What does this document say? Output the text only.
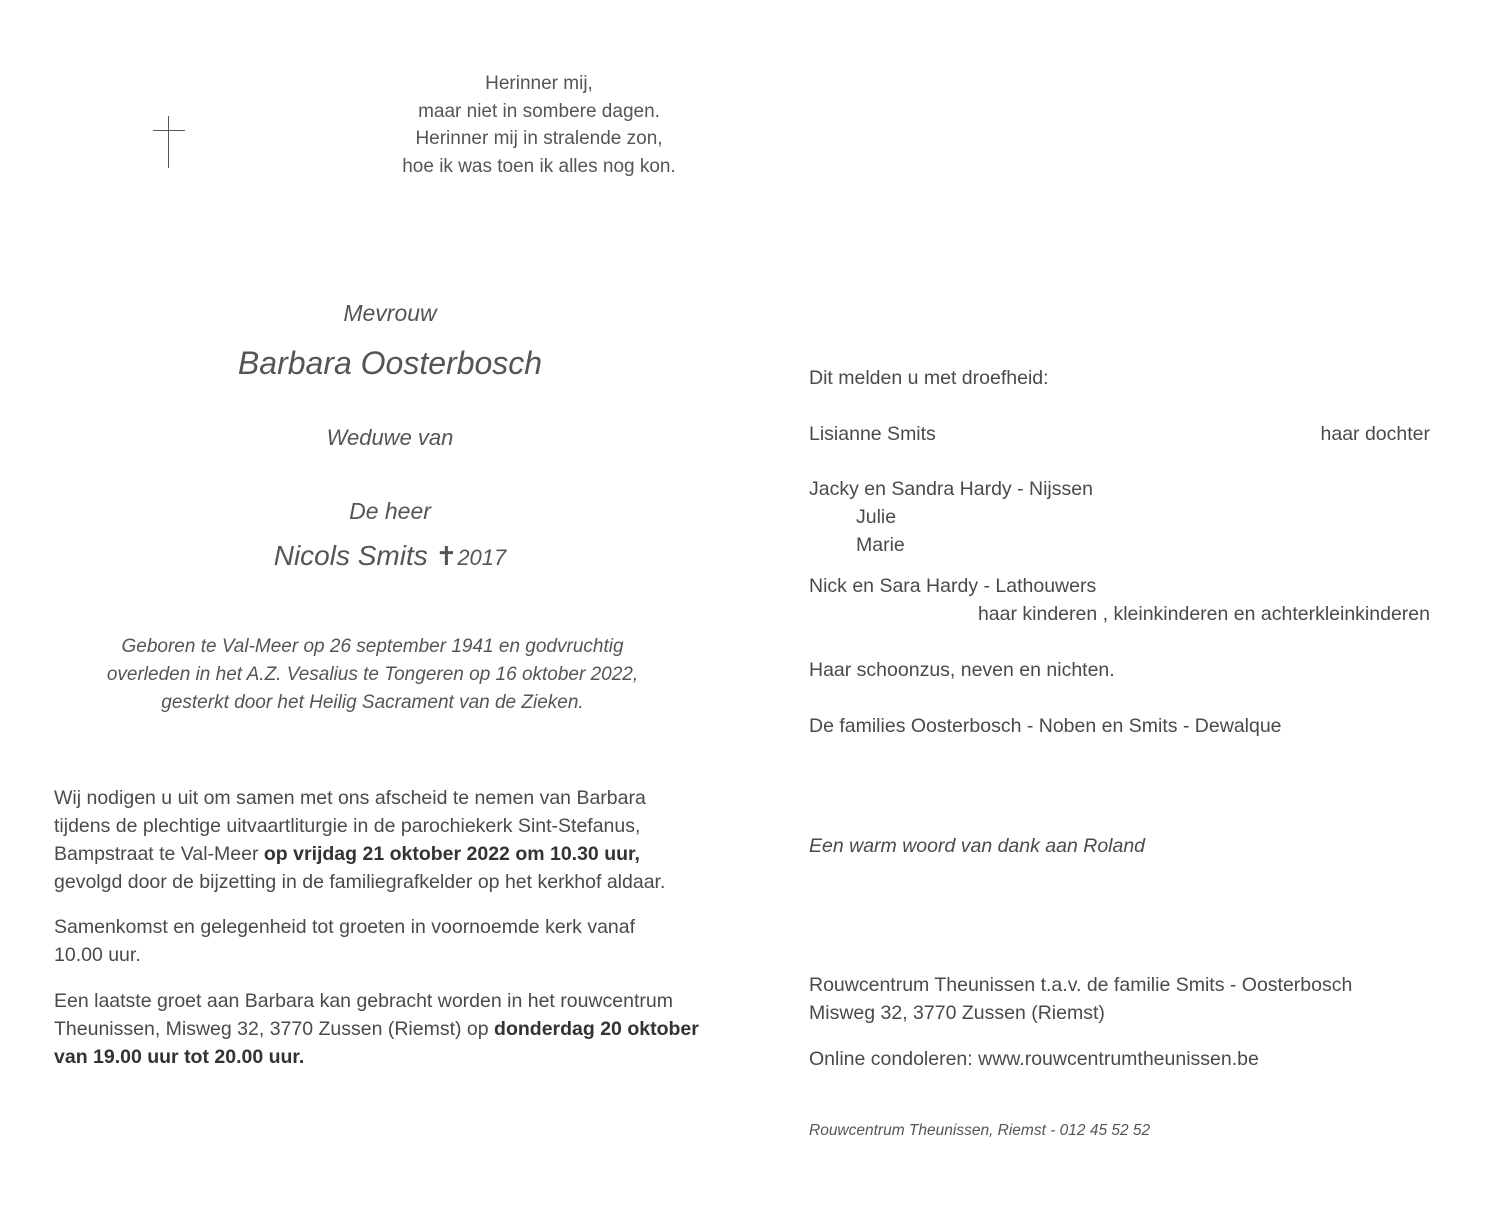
Herinner mij,
maar niet in sombere dagen.
Herinner mij in stralende zon,
hoe ik was toen ik alles nog kon.
Mevrouw
Barbara Oosterbosch
Weduwe van
De heer
Nicols Smits ✝2017
Geboren te Val-Meer op 26 september 1941 en godvruchtig
overleden in het A.Z. Vesalius te Tongeren op 16 oktober 2022,
gesterkt door het Heilig Sacrament van de Zieken.
Wij nodigen u uit om samen met ons afscheid te nemen van Barbara
tijdens de plechtige uitvaartliturgie in de parochiekerk Sint-Stefanus,
Bampstraat te Val-Meer op vrijdag 21 oktober 2022 om 10.30 uur,
gevolgd door de bijzetting in de familiegrafkelder op het kerkhof aldaar.
Samenkomst en gelegenheid tot groeten in voornoemde kerk vanaf
10.00 uur.
Een laatste groet aan Barbara kan gebracht worden in het rouwcentrum
Theunissen, Misweg 32, 3770 Zussen (Riemst) op donderdag 20 oktober
van 19.00 uur tot 20.00 uur.
Dit melden u met droefheid:
Lisianne Smits	haar dochter
Jacky en Sandra Hardy - Nijssen
Julie
Marie
Nick en Sara Hardy - Lathouwers
haar kinderen , kleinkinderen en achterkleinkinderen
Haar schoonzus, neven en nichten.
De families Oosterbosch - Noben en Smits - Dewalque
Een warm woord van dank aan Roland
Rouwcentrum Theunissen t.a.v. de familie Smits - Oosterbosch
Misweg 32, 3770 Zussen (Riemst)
Online condoleren: www.rouwcentrumtheunissen.be
Rouwcentrum Theunissen, Riemst - 012 45 52 52
